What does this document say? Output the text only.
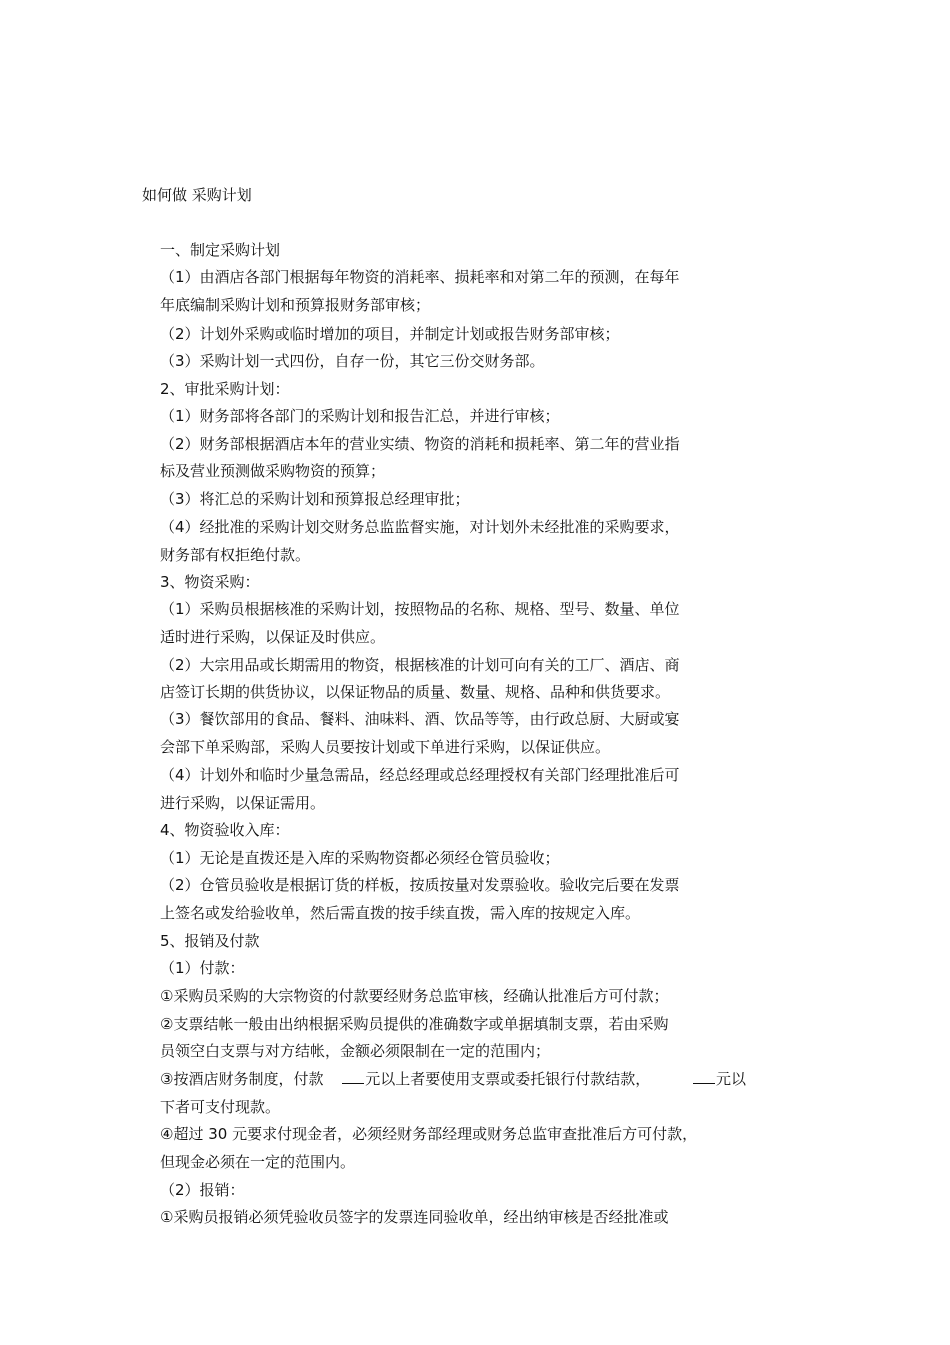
如何做 采购计划
一、制定采购计划
（1）由酒店各部门根据每年物资的消耗率、损耗率和对第二年的预测，在每年
年底编制采购计划和预算报财务部审核；
（2）计划外采购或临时增加的项目，并制定计划或报告财务部审核；
（3）采购计划一式四份，自存一份，其它三份交财务部。
2、审批采购计划：
（1）财务部将各部门的采购计划和报告汇总，并进行审核；
（2）财务部根据酒店本年的营业实绩、物资的消耗和损耗率、第二年的营业指
标及营业预测做采购物资的预算；
（3）将汇总的采购计划和预算报总经理审批；
（4）经批准的采购计划交财务总监监督实施，对计划外未经批准的采购要求，
财务部有权拒绝付款。
3、物资采购：
（1）采购员根据核准的采购计划，按照物品的名称、规格、型号、数量、单位
适时进行采购，以保证及时供应。
（2）大宗用品或长期需用的物资，根据核准的计划可向有关的工厂、酒店、商
店签订长期的供货协议，以保证物品的质量、数量、规格、品种和供货要求。
（3）餐饮部用的食品、餐料、油味料、酒、饮品等等，由行政总厨、大厨或宴
会部下单采购部，采购人员要按计划或下单进行采购，以保证供应。
（4）计划外和临时少量急需品，经总经理或总经理授权有关部门经理批准后可
进行采购，以保证需用。
4、物资验收入库：
（1）无论是直拨还是入库的采购物资都必须经仓管员验收；
（2）仓管员验收是根据订货的样板，按质按量对发票验收。验收完后要在发票
上签名或发给验收单，然后需直拨的按手续直拨，需入库的按规定入库。
5、报销及付款
（1）付款：
①采购员采购的大宗物资的付款要经财务总监审核，经确认批准后方可付款；
②支票结帐一般由出纳根据采购员提供的准确数字或单据填制支票，若由采购
员领空白支票与对方结帐，金额必须限制在一定的范围内；
③按酒店财务制度，付款	元以上者要使用支票或委托银行付款结款，	元以
下者可支付现款。
④超过 30 元要求付现金者，必须经财务部经理或财务总监审查批准后方可付款，
但现金必须在一定的范围内。
（2）报销：
①采购员报销必须凭验收员签字的发票连同验收单，经出纳审核是否经批准或
